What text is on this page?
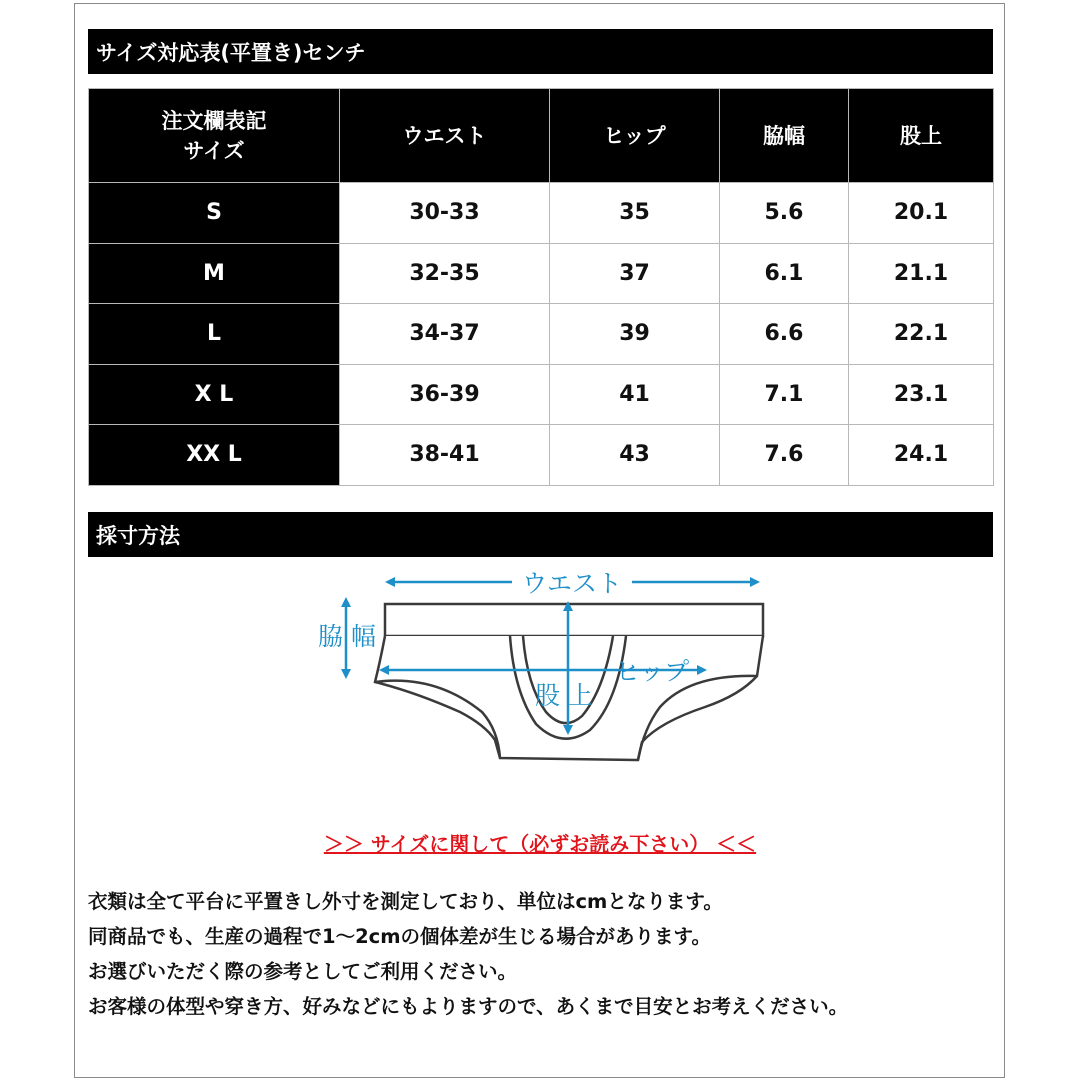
サイズ対応表(平置き)センチ
注文欄表記
サイズ	ウエスト	ヒップ	脇幅	股上
S	30-33	35	5.6	20.1
M	32-35	37	6.1	21.1
L	34-37	39	6.6	22.1
X L	36-39	41	7.1	23.1
XX L	38-41	43	7.6	24.1
採寸方法
ウエスト
脇 幅
ヒップ
股 上
＞＞ サイズに関して（必ずお読み下さい） ＜＜
衣類は全て平台に平置きし外寸を測定しており、単位はcmとなります。
同商品でも、生産の過程で1～2cmの個体差が生じる場合があります。
お選びいただく際の参考としてご利用ください。
お客様の体型や穿き方、好みなどにもよりますので、あくまで目安とお考えください。
